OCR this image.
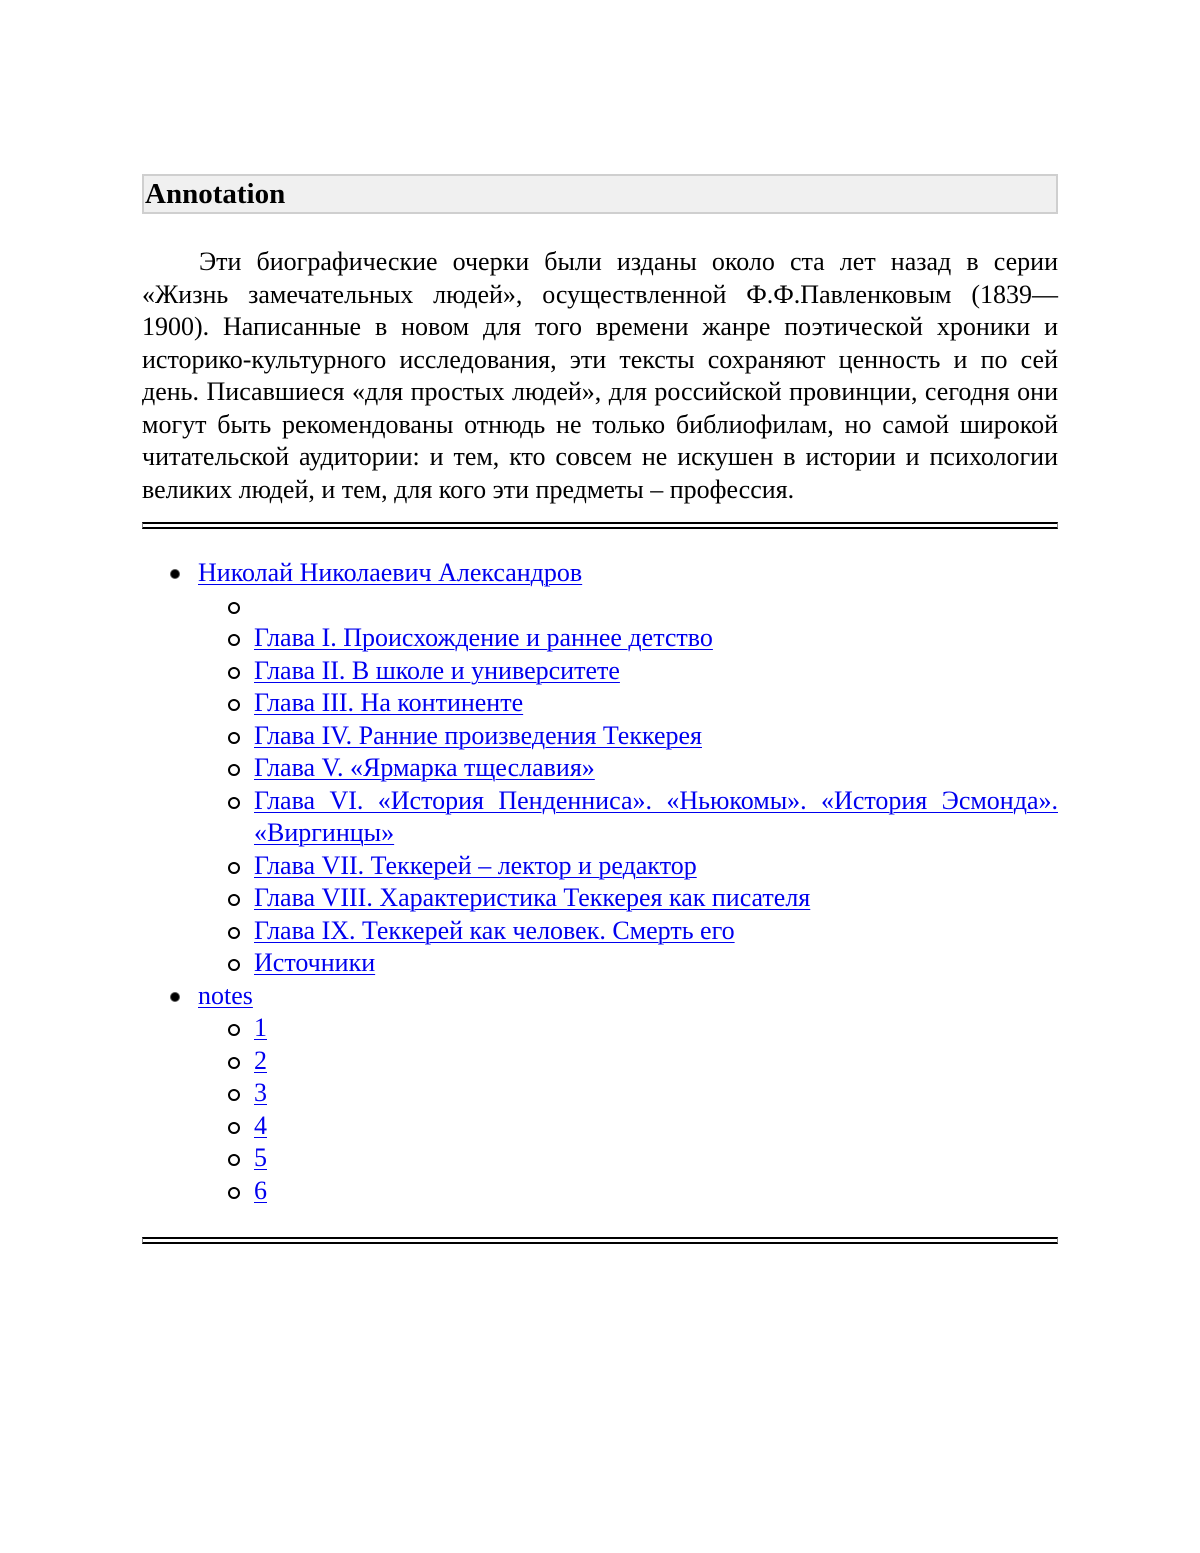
Annotation

Эти биографические очерки были изданы около ста лет назад в серии «Жизнь замечательных людей», осуществленной Ф.Ф.Павленковым (1839—1900). Написанные в новом для того времени жанре поэтической хроники и историко-культурного исследования, эти тексты сохраняют ценность и по сей день. Писавшиеся «для простых людей», для российской провинции, сегодня они могут быть рекомендованы отнюдь не только библиофилам, но самой широкой читательской аудитории: и тем, кто совсем не искушен в истории и психологии великих людей, и тем, для кого эти предметы – профессия.

Николай Николаевич Александров
Глава I. Происхождение и раннее детство
Глава II. В школе и университете
Глава III. На континенте
Глава IV. Ранние произведения Теккерея
Глава V. «Ярмарка тщеславия»
Глава VI. «История Пенденниса». «Ньюкомы». «История Эсмонда». «Виргинцы»
Глава VII. Теккерей – лектор и редактор
Глава VIII. Характеристика Теккерея как писателя
Глава IX. Теккерей как человек. Смерть его
Источники
notes
1
2
3
4
5
6
